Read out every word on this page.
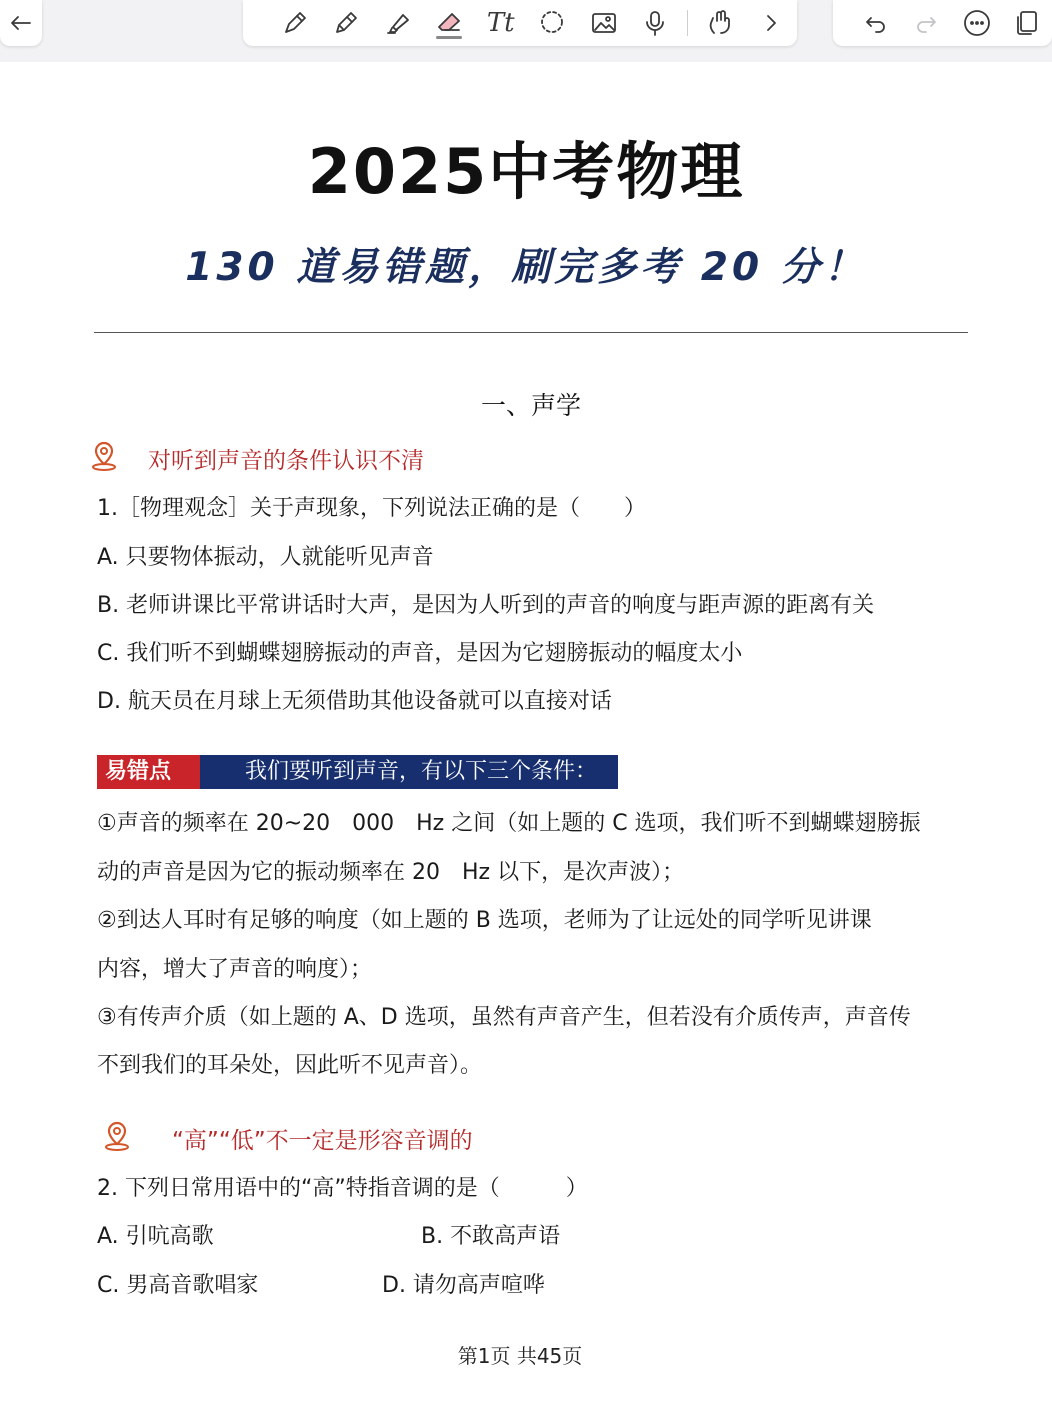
Tt
2025中考物理
130 道易错题，刷完多考 20 分！
一、声学
对听到声音的条件认识不清
1.［物理观念］关于声现象，下列说法正确的是（　　）
A. 只要物体振动，人就能听见声音
B. 老师讲课比平常讲话时大声，是因为人听到的声音的响度与距声源的距离有关
C. 我们听不到蝴蝶翅膀振动的声音，是因为它翅膀振动的幅度太小
D. 航天员在月球上无须借助其他设备就可以直接对话
易错点拨
我们要听到声音，有以下三个条件：
①声音的频率在 20~20　000　Hz 之间（如上题的 C 选项，我们听不到蝴蝶翅膀振
动的声音是因为它的振动频率在 20　Hz 以下，是次声波）；
②到达人耳时有足够的响度（如上题的 B 选项，老师为了让远处的同学听见讲课
内容，增大了声音的响度）；
③有传声介质（如上题的 A、D 选项，虽然有声音产生，但若没有介质传声，声音传
不到我们的耳朵处，因此听不见声音）。
“高”“低”不一定是形容音调的
2. 下列日常用语中的“高”特指音调的是（　　　）
A. 引吭高歌	B. 不敢高声语
C. 男高音歌唱家	D. 请勿高声喧哗
第1页 共45页
